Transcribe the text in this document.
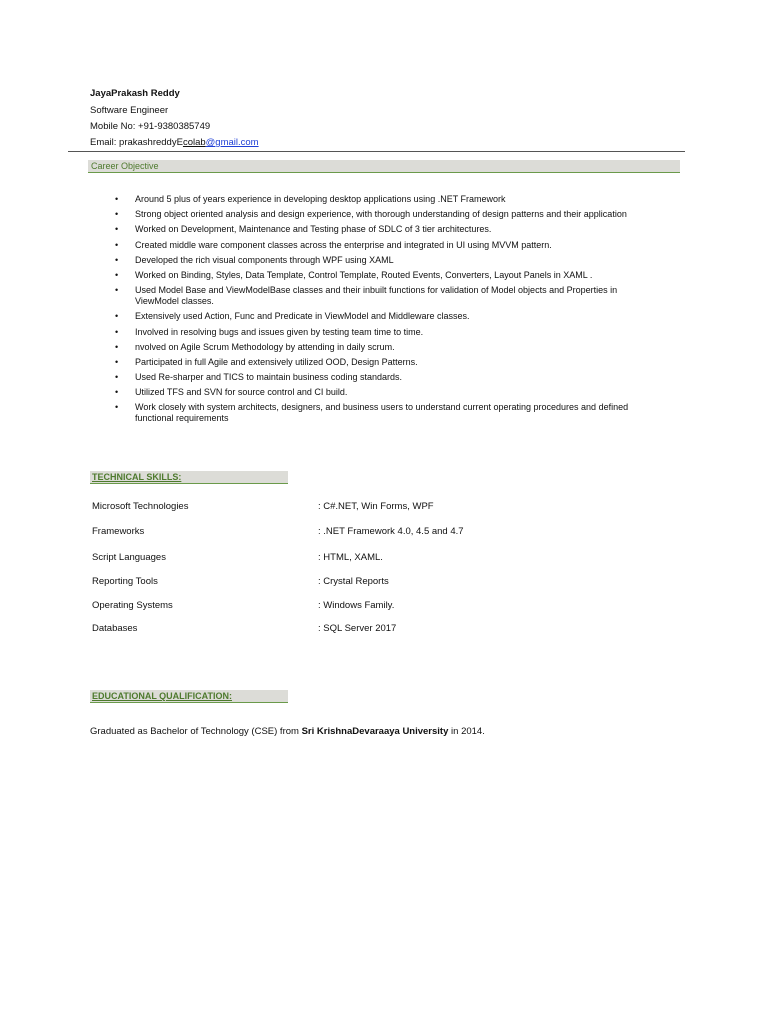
JayaPrakash Reddy
Software Engineer
Mobile No: +91-9380385749
Email: prakashreddyEcolab@gmail.com
Career Objective
• Around 5 plus of years experience in developing desktop applications using .NET Framework
• Strong object oriented analysis and design experience, with thorough understanding of design patterns and their application
• Worked on Development, Maintenance and Testing phase of SDLC of 3 tier architectures.
• Created middle ware component classes across the enterprise and integrated in UI using MVVM pattern.
• Developed the rich visual components through WPF using XAML
• Worked on Binding, Styles, Data Template, Control Template, Routed Events, Converters, Layout Panels in XAML .
• Used Model Base and ViewModelBase classes and their inbuilt functions for validation of Model objects and Properties in ViewModel classes.
• Extensively used Action, Func and Predicate in ViewModel and Middleware classes.
• Involved in resolving bugs and issues given by testing team time to time.
• nvolved on Agile Scrum Methodology by attending in daily scrum.
• Participated in full Agile and extensively utilized OOD, Design Patterns.
• Used Re-sharper and TICS to maintain business coding standards.
• Utilized TFS and SVN for source control and CI build.
• Work closely with system architects, designers, and business users to understand current operating procedures and defined functional requirements
TECHNICAL SKILLS:
Microsoft Technologies	: C#.NET, Win Forms, WPF
Frameworks	: .NET Framework 4.0, 4.5 and 4.7
Script Languages	: HTML, XAML.
Reporting Tools	: Crystal Reports
Operating Systems	: Windows Family.
Databases	: SQL Server 2017
EDUCATIONAL QUALIFICATION:
Graduated as Bachelor of Technology (CSE) from Sri KrishnaDevaraaya University in 2014.
